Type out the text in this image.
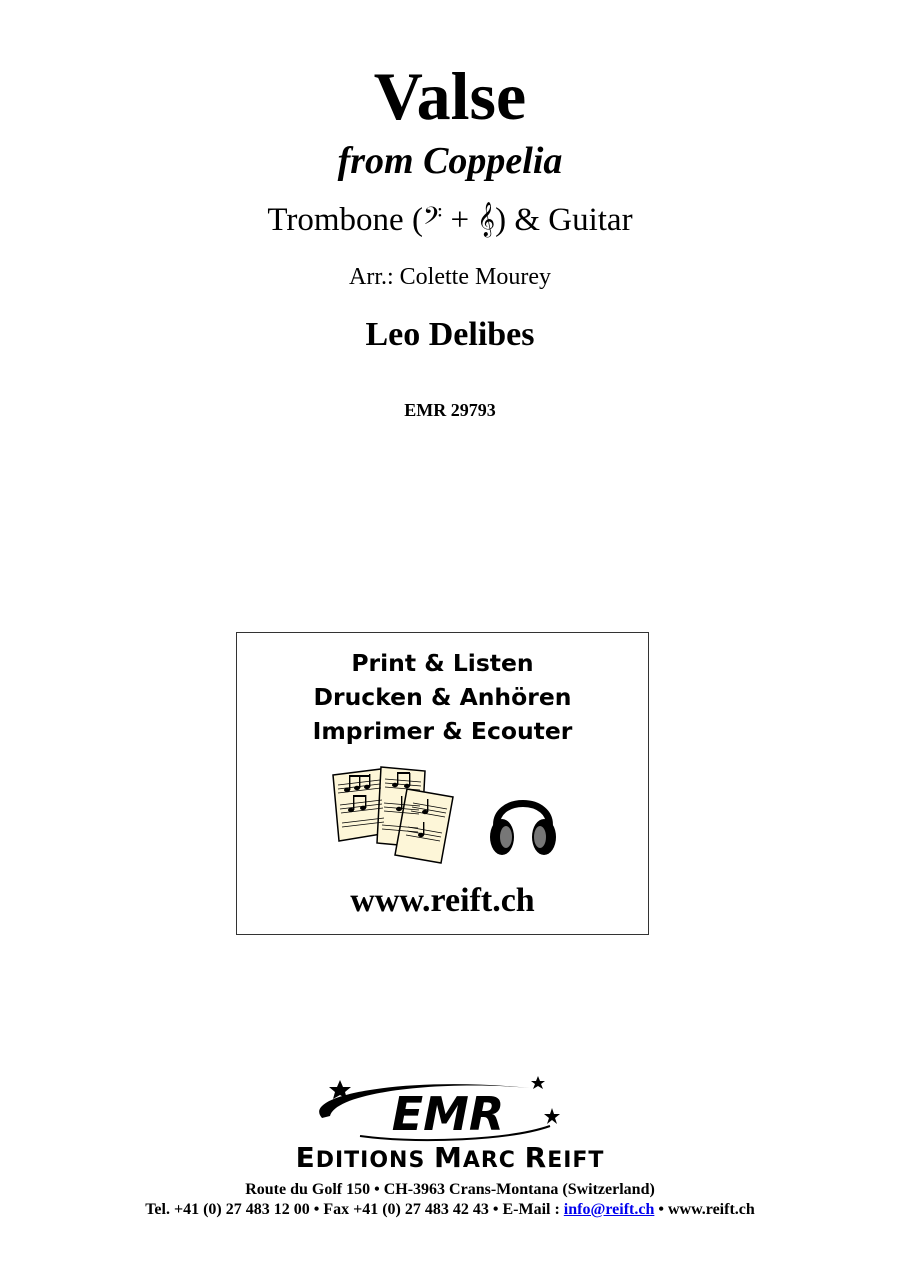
Valse
from Coppelia
Trombone (𝄢 + 𝄞) & Guitar
Arr.: Colette Mourey
Leo Delibes
EMR 29793
Print & Listen
Drucken & Anhören
Imprimer & Ecouter
www.reift.ch
EMR
EDITIONS MARC REIFT
Route du Golf 150 • CH-3963 Crans-Montana (Switzerland)
Tel. +41 (0) 27 483 12 00 • Fax +41 (0) 27 483 42 43 • E-Mail : info@reift.ch • www.reift.ch
